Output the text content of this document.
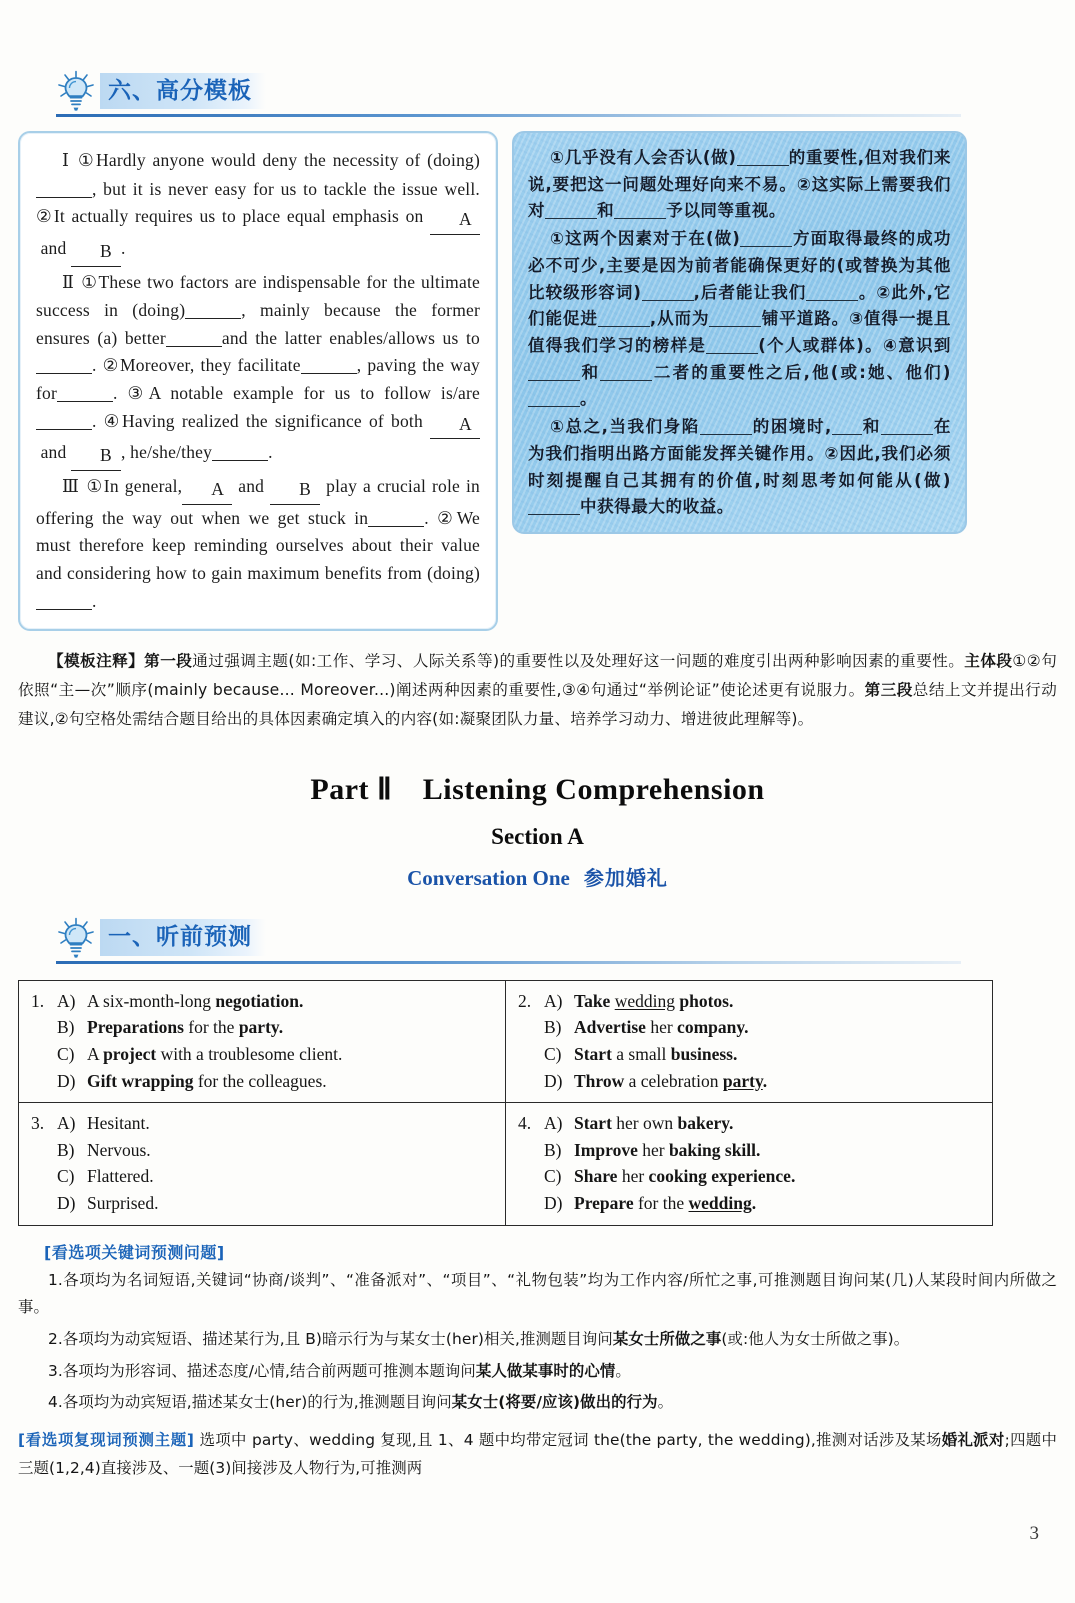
六、高分模板

Ⅰ ①Hardly anyone would deny the necessity of (doing), but it is never easy for us to tackle the issue well. ②It actually requires us to place equal emphasis on A and B .

Ⅱ ①These two factors are indispensable for the ultimate success in (doing)	, mainly because the former ensures (a) better	and the latter enables/allows us to. ②Moreover, they facilitate	, paving the way for	. ③A notable example for us to follow is/are. ④Having realized the significance of both A and B , he/she/they	.

Ⅲ ①In general, A and B play a crucial role in offering the way out when we get stuck in	. ②We must therefore keep reminding ourselves about their value and considering how to gain maximum benefits from (doing).

①几乎没有人会否认(做)	的重要性,但对我们来说,要把这一问题处理好向来不易。②这实际上需要我们对	和	予以同等重视。

①这两个因素对于在(做)	方面取得最终的成功必不可少,主要是因为前者能确保更好的(或替换为其他比较级形容词)	,后者能让我们	。②此外,它们能促进	,从而为	铺平道路。③值得一提且值得我们学习的榜样是	(个人或群体)。④意识到和	二者的重要性之后,他(或:她、他们)。

①总之,当我们身陷	的困境时, 和	在为我们指明出路方面能发挥关键作用。②因此,我们必须时刻提醒自己其拥有的价值,时刻思考如何能从(做)中获得最大的收益。

【模板注释】第一段通过强调主题(如:工作、学习、人际关系等)的重要性以及处理好这一问题的难度引出两种影响因素的重要性。主体段①②句依照“主—次”顺序(mainly because... Moreover...)阐述两种因素的重要性,③④句通过“举例论证”使论述更有说服力。第三段总结上文并提出行动建议,②句空格处需结合题目给出的具体因素确定填入的内容(如:凝聚团队力量、培养学习动力、增进彼此理解等)。
Part Ⅱ　Listening Comprehension
Section A
Conversation One 参加婚礼
一、听前预测
1. A) A six-month-long negotiation.
B) Preparations for the party.
C) A project with a troublesome client.
D) Gift wrapping for the colleagues.

2. A) Take wedding photos.
B) Advertise her company.
C) Start a small business.
D) Throw a celebration party.

3. A) Hesitant.
B) Nervous.
C) Flattered.
D) Surprised.

4. A) Start her own bakery.
B) Improve her baking skill.
C) Share her cooking experience.
D) Prepare for the wedding.
[看选项关键词预测问题]
1.各项均为名词短语,关键词“协商/谈判”、“准备派对”、“项目”、“礼物包装”均为工作内容/所忙之事,可推测题目询问某(几)人某段时间内所做之事。
2.各项均为动宾短语、描述某行为,且 B)暗示行为与某女士(her)相关,推测题目询问某女士所做之事(或:他人为女士所做之事)。
3.各项均为形容词、描述态度/心情,结合前两题可推测本题询问某人做某事时的心情。
4.各项均为动宾短语,描述某女士(her)的行为,推测题目询问某女士(将要/应该)做出的行为。
[看选项复现词预测主题] 选项中 party、wedding 复现,且 1、4 题中均带定冠词 the(the party, the wedding),推测对话涉及某场婚礼派对;四题中三题(1,2,4)直接涉及、一题(3)间接涉及人物行为,可推测两
3
